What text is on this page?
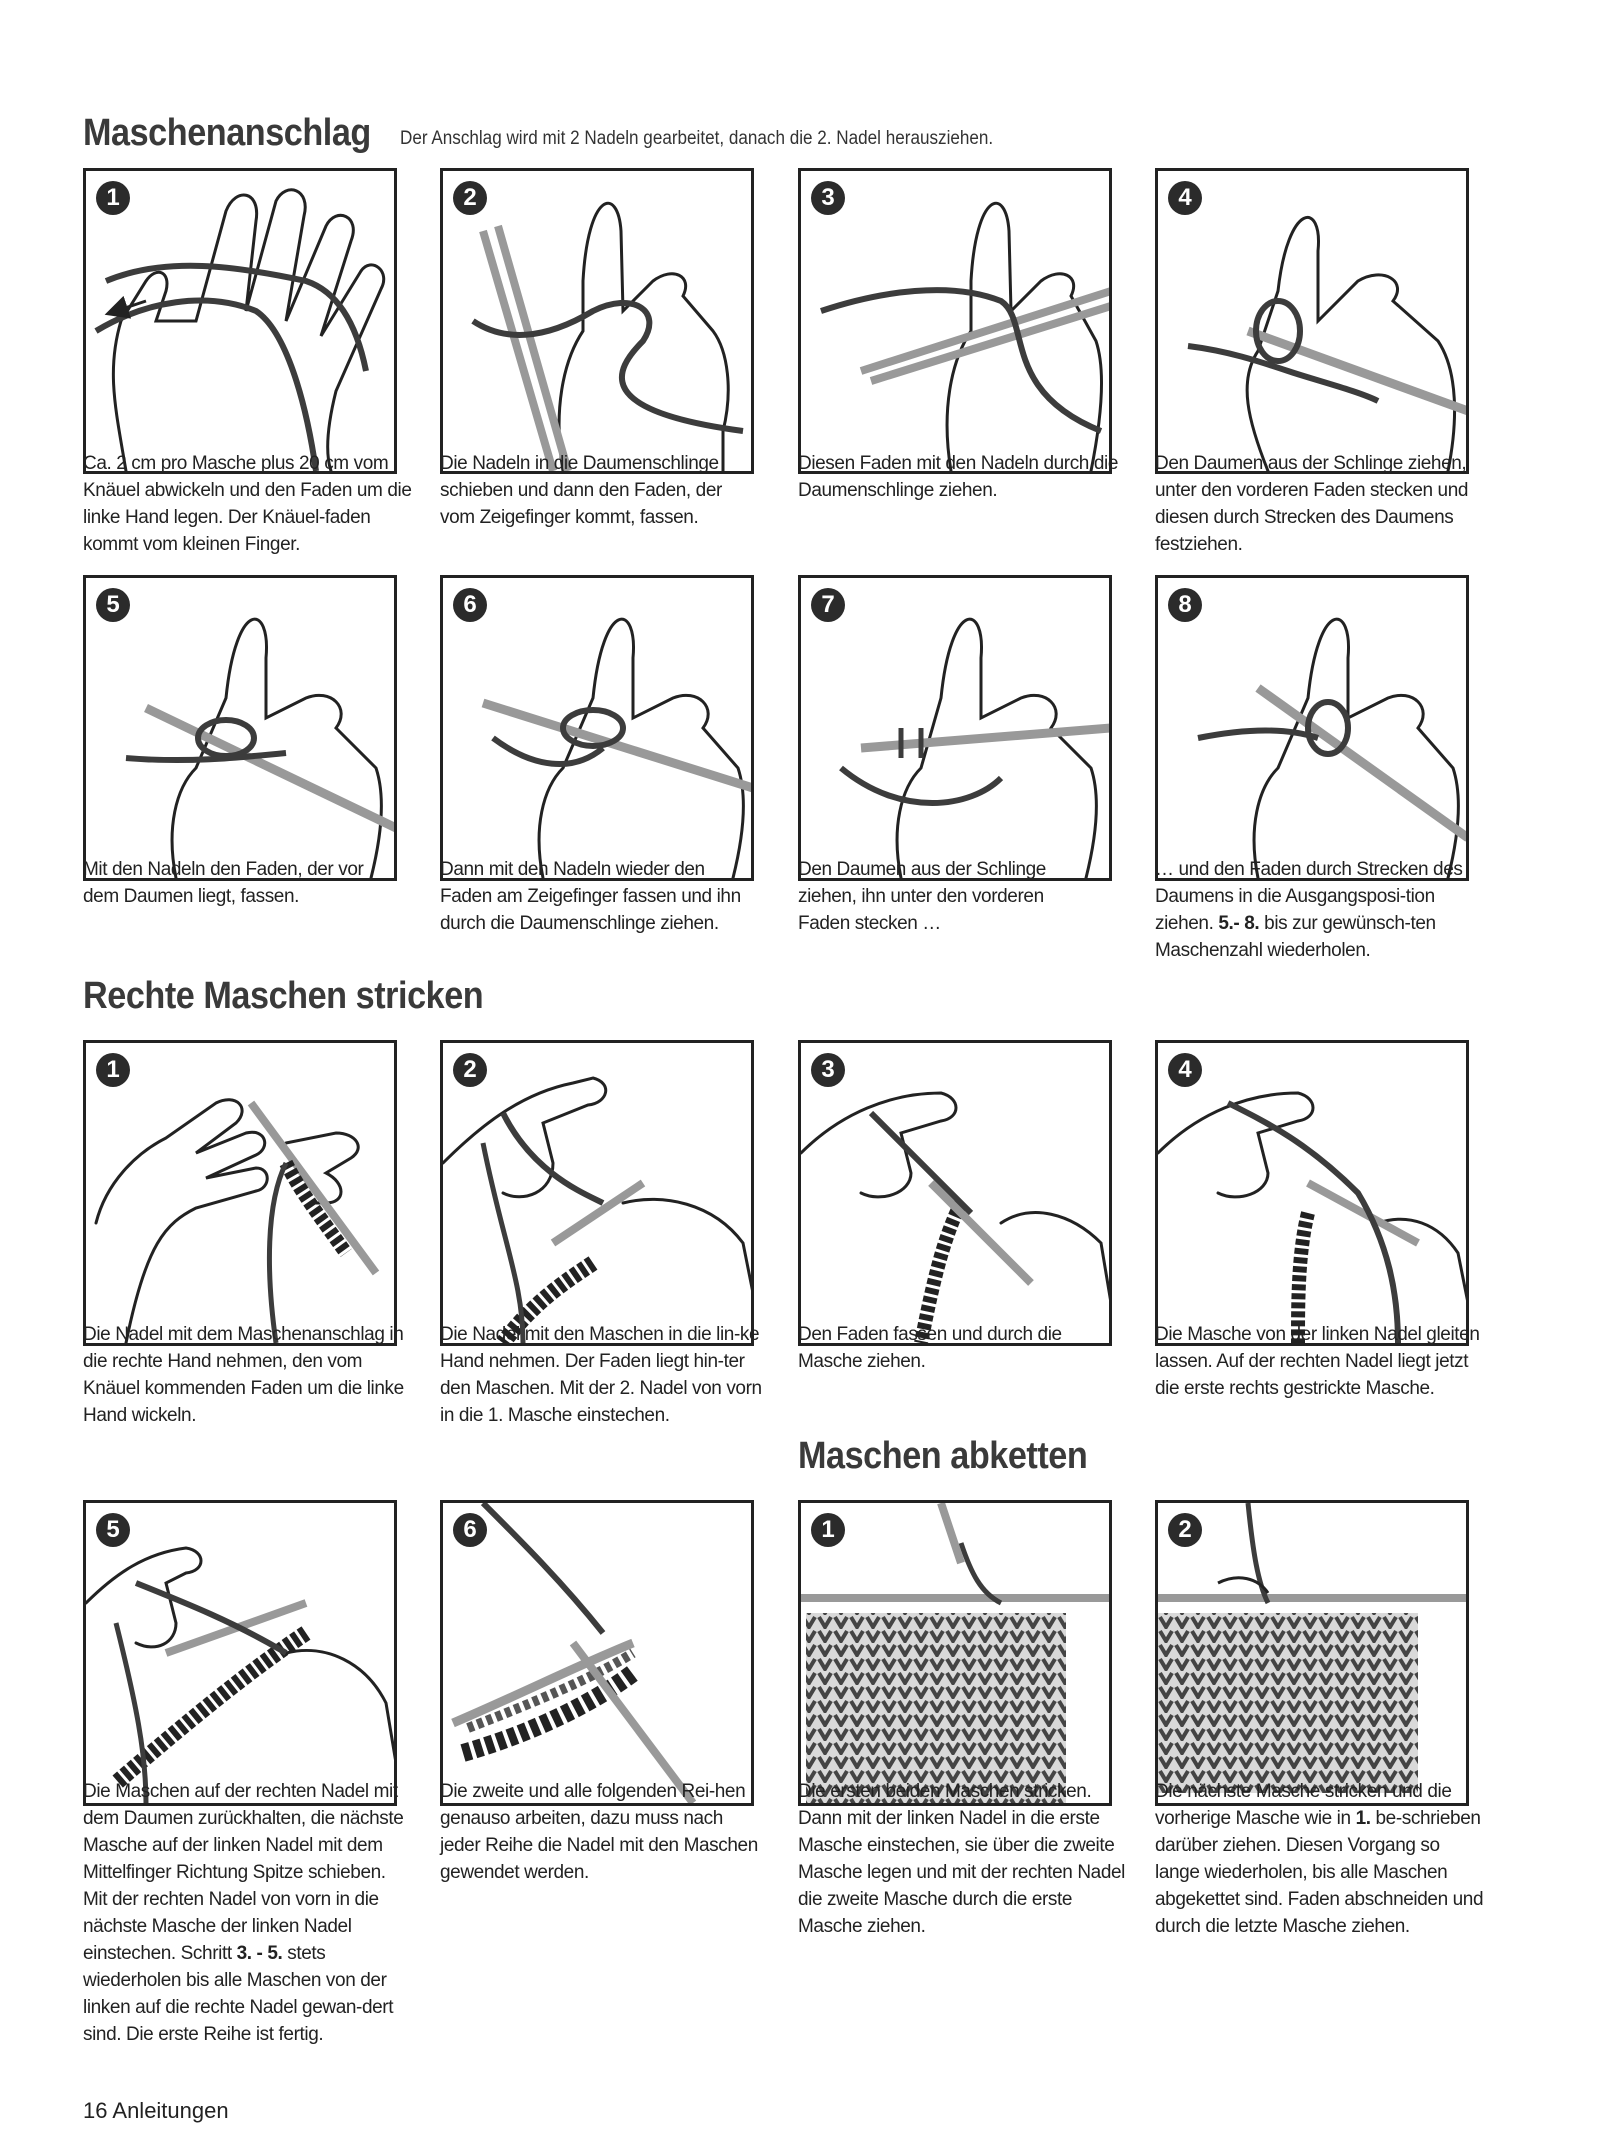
Maschenanschlag Der Anschlag wird mit 2 Nadeln gearbeitet, danach die 2. Nadel herausziehen.
1	2	3	4
Ca. 2 cm pro Masche plus 20 cm vom Knäuel abwickeln und den Faden um die linke Hand legen. Der Knäuel-faden kommt vom kleinen Finger.
Die Nadeln in die Daumenschlinge schieben und dann den Faden, der vom Zeigefinger kommt, fassen.
Diesen Faden mit den Nadeln durch die Daumenschlinge ziehen.
Den Daumen aus der Schlinge ziehen, unter den vorderen Faden stecken und diesen durch Strecken des Daumens festziehen.
5	6	7	8
Mit den Nadeln den Faden, der vor dem Daumen liegt, fassen.
Dann mit den Nadeln wieder den Faden am Zeigefinger fassen und ihn durch die Daumenschlinge ziehen.
Den Daumen aus der Schlinge ziehen, ihn unter den vorderen Faden stecken …
… und den Faden durch Strecken des Daumens in die Ausgangsposi-tion ziehen. 5.- 8. bis zur gewünsch-ten Maschenzahl wiederholen.
Rechte Maschen stricken
1	2	3	4
Die Nadel mit dem Maschenanschlag in die rechte Hand nehmen, den vom Knäuel kommenden Faden um die linke Hand wickeln.
Die Nadel mit den Maschen in die lin-ke Hand nehmen. Der Faden liegt hin-ter den Maschen. Mit der 2. Nadel von vorn in die 1. Masche einstechen.
Den Faden fassen und durch die Masche ziehen.
Die Masche von der linken Nadel gleiten lassen. Auf der rechten Nadel liegt jetzt die erste rechts gestrickte Masche.
Maschen abketten
5	6	1	2
Die Maschen auf der rechten Nadel mit dem Daumen zurückhalten, die nächste Masche auf der linken Nadel mit dem Mittelfinger Richtung Spitze schieben. Mit der rechten Nadel von vorn in die nächste Masche der linken Nadel einstechen. Schritt 3. - 5. stets wiederholen bis alle Maschen von der linken auf die rechte Nadel gewan-dert sind. Die erste Reihe ist fertig.
Die zweite und alle folgenden Rei-hen genauso arbeiten, dazu muss nach jeder Reihe die Nadel mit den Maschen gewendet werden.
Die ersten beiden Maschen stricken. Dann mit der linken Nadel in die erste Masche einstechen, sie über die zweite Masche legen und mit der rechten Nadel die zweite Masche durch die erste Masche ziehen.
Die nächste Masche stricken und die vorherige Masche wie in 1. be-schrieben darüber ziehen. Diesen Vorgang so lange wiederholen, bis alle Maschen abgekettet sind. Faden abschneiden und durch die letzte Masche ziehen.
16 Anleitungen
